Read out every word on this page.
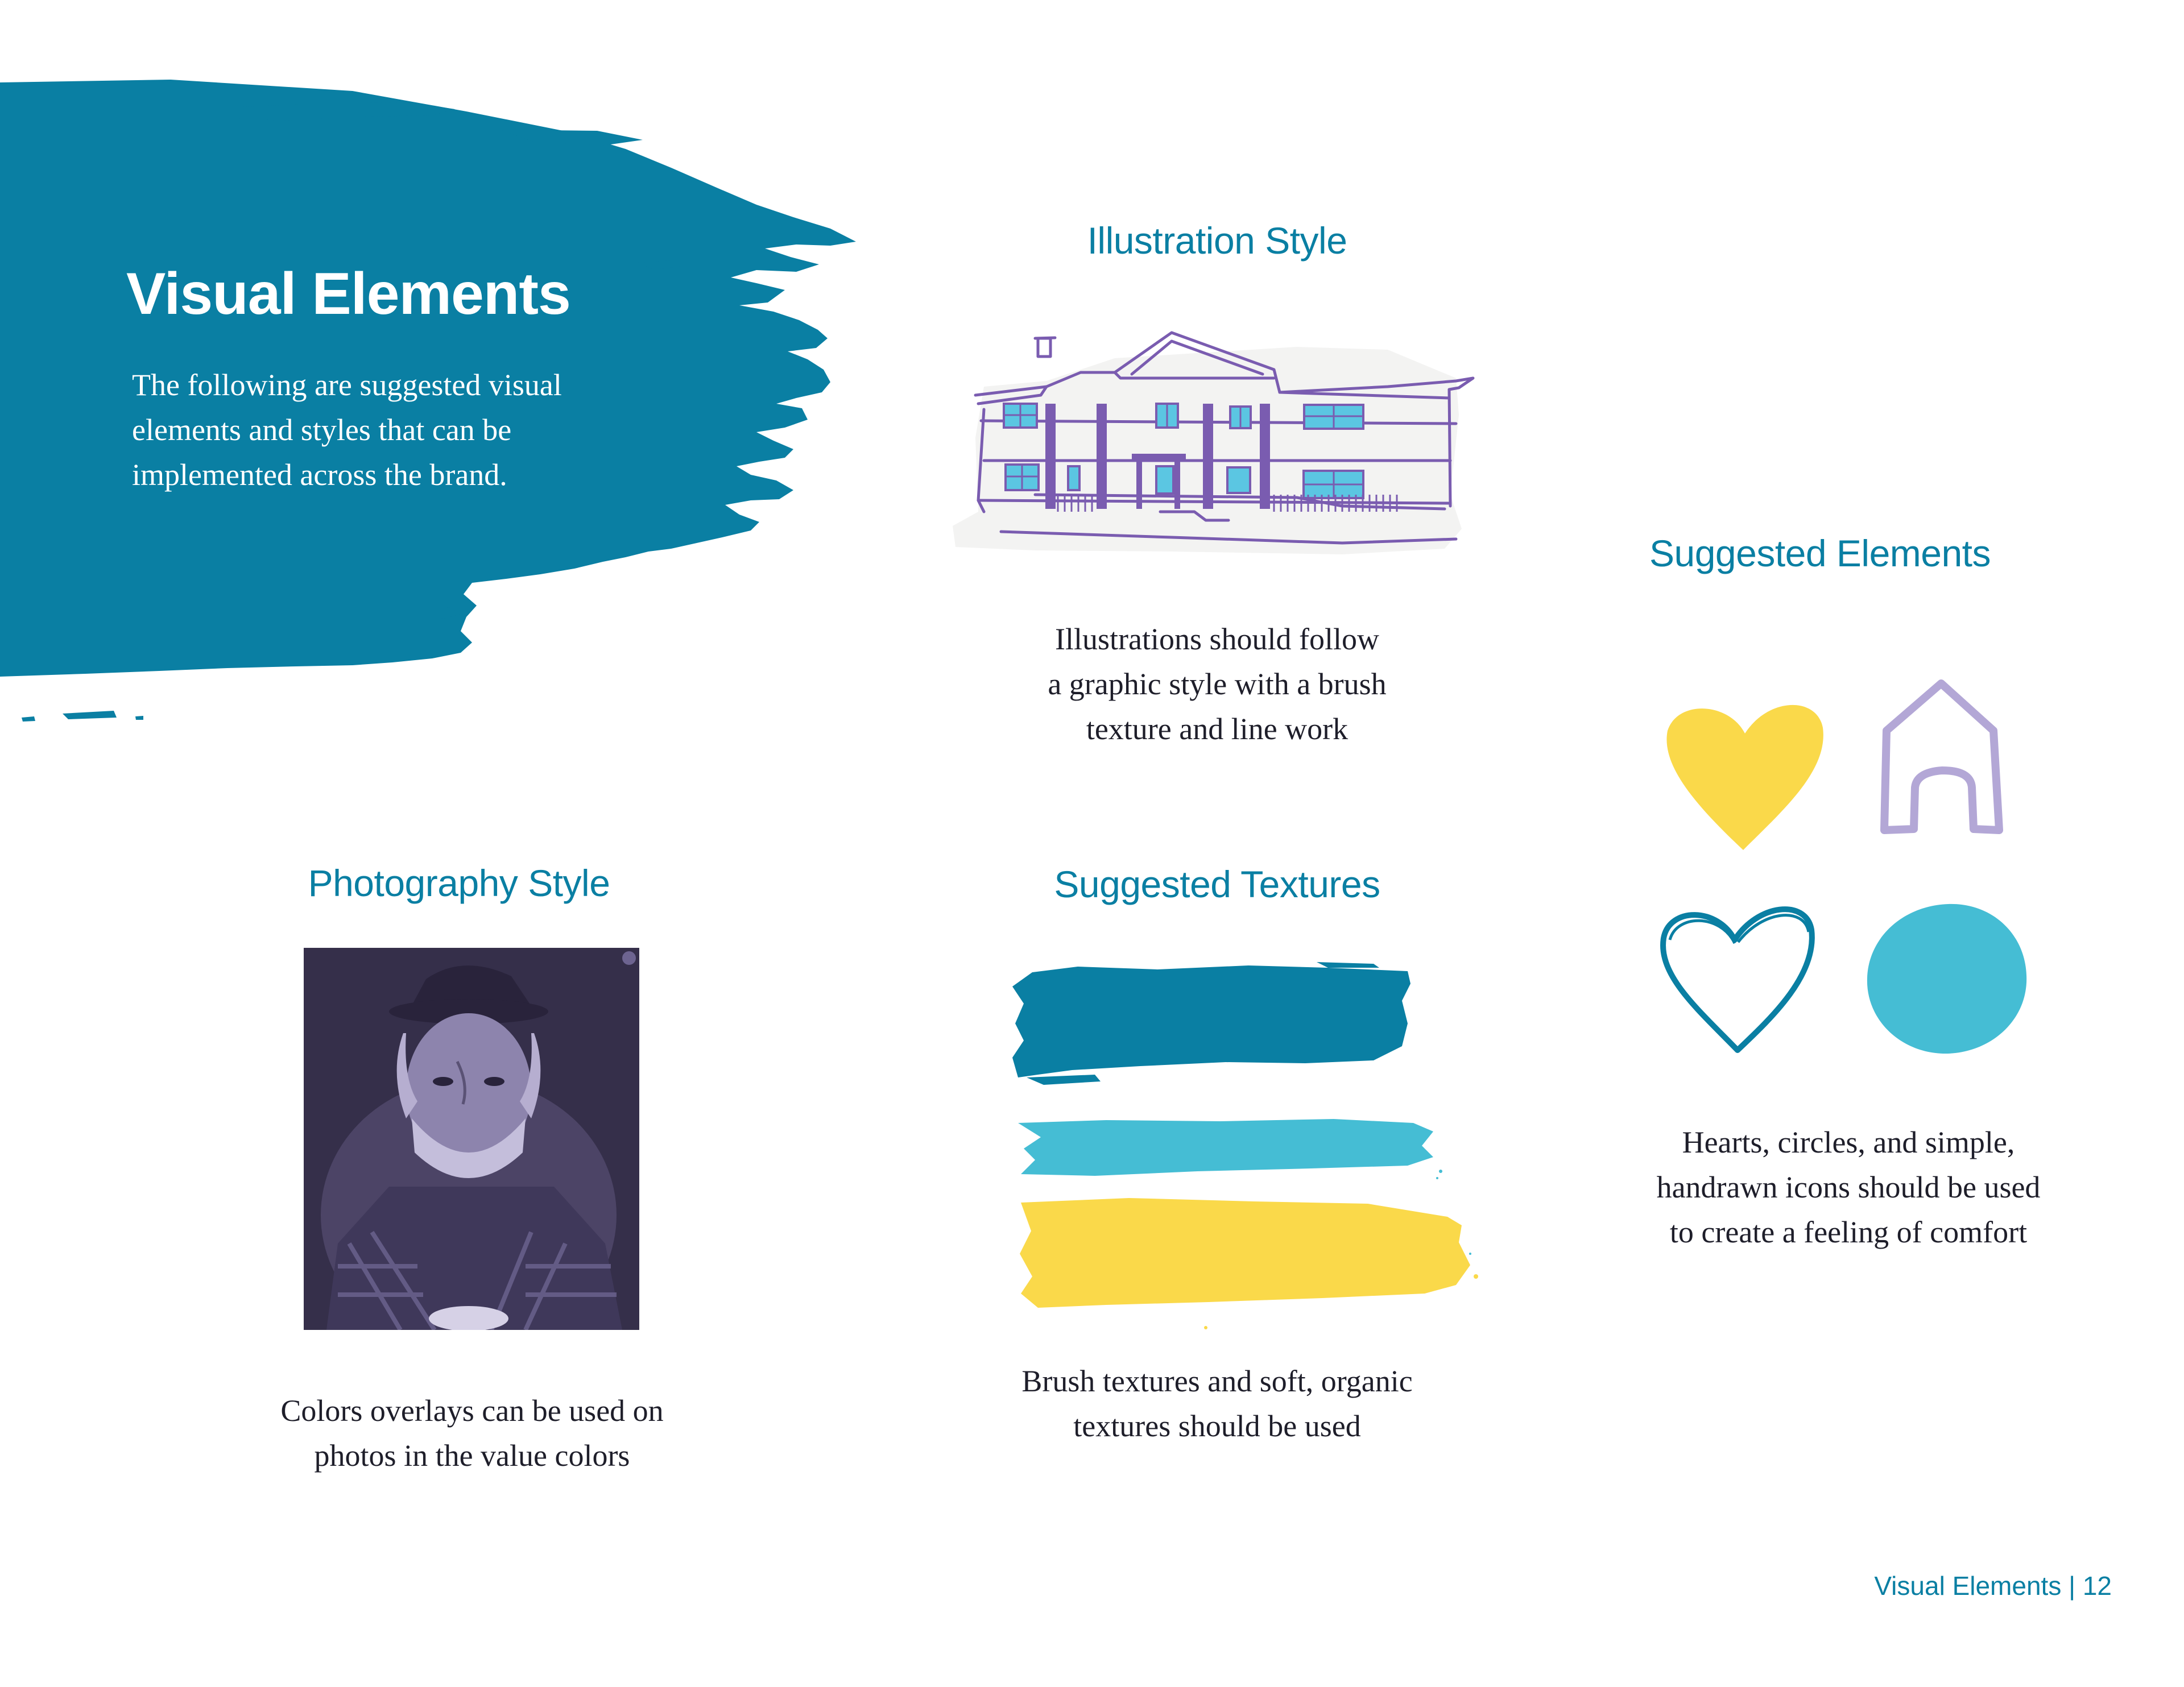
Visual Elements

The following are suggested visual
elements and styles that can be
implemented across the brand.

Illustration Style

Illustrations should follow
a graphic style with a brush
texture and line work

Suggested Elements

Hearts, circles, and simple,
handrawn icons should be used
to create a feeling of comfort

Photography Style

Colors overlays can be used on
photos in the value colors

Suggested Textures

Brush textures and soft, organic
textures should be used

Visual Elements | 12
